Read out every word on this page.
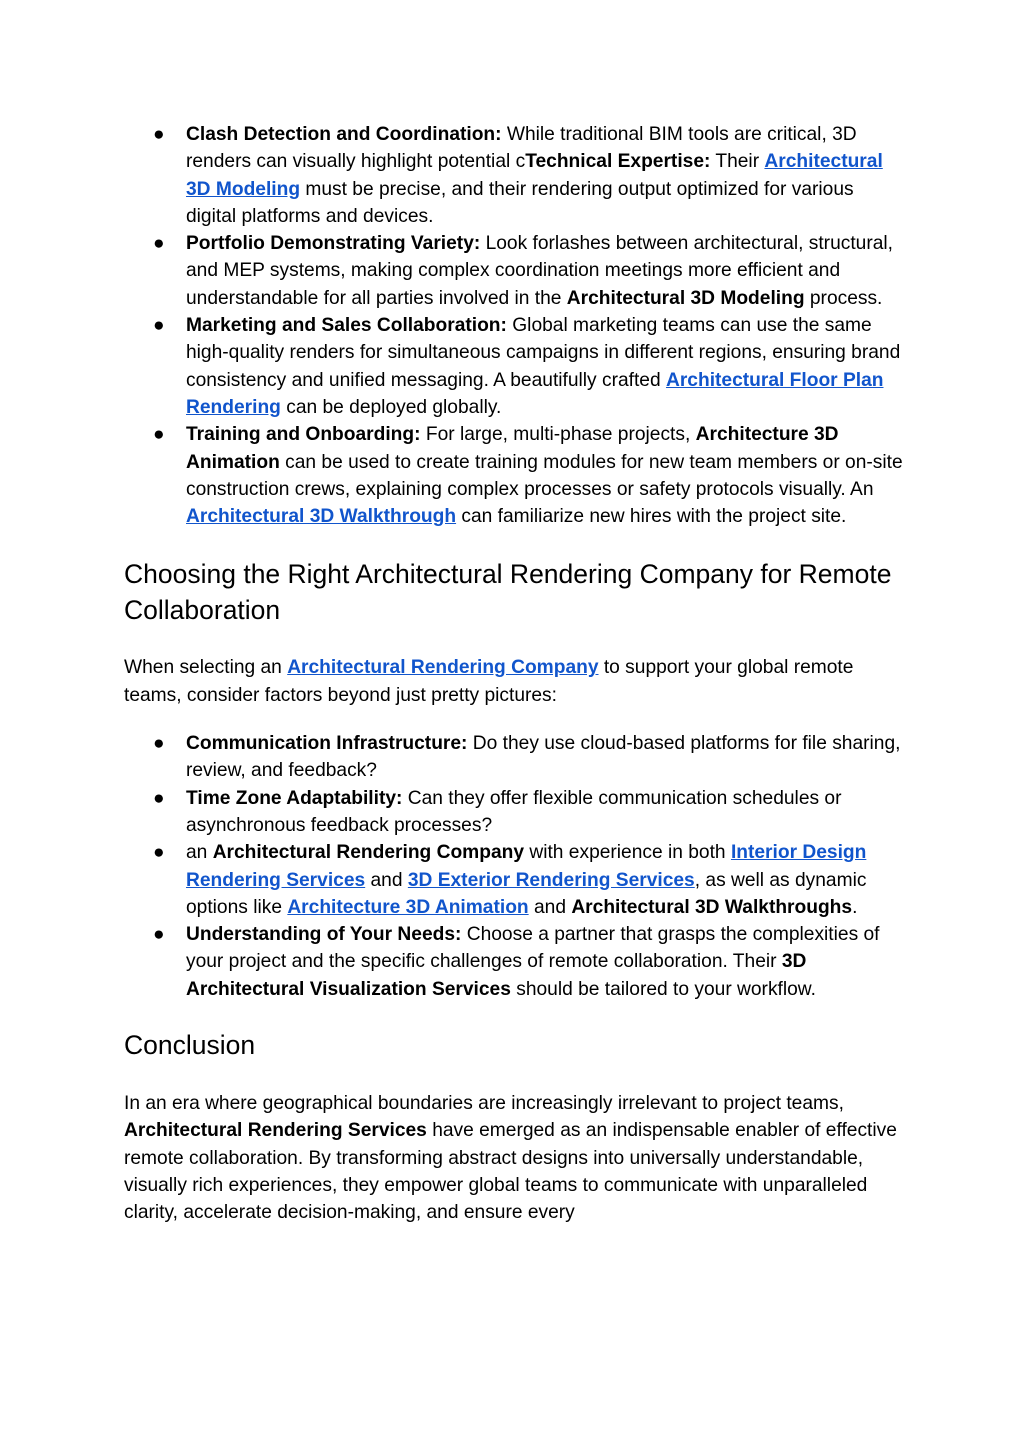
● Clash Detection and Coordination: While traditional BIM tools are critical, 3D renders can visually highlight potential cTechnical Expertise: Their Architectural 3D Modeling must be precise, and their rendering output optimized for various digital platforms and devices.
● Portfolio Demonstrating Variety: Look forlashes between architectural, structural, and MEP systems, making complex coordination meetings more efficient and understandable for all parties involved in the Architectural 3D Modeling process.
● Marketing and Sales Collaboration: Global marketing teams can use the same high-quality renders for simultaneous campaigns in different regions, ensuring brand consistency and unified messaging. A beautifully crafted Architectural Floor Plan Rendering can be deployed globally.
● Training and Onboarding: For large, multi-phase projects, Architecture 3D Animation can be used to create training modules for new team members or on-site construction crews, explaining complex processes or safety protocols visually. An Architectural 3D Walkthrough can familiarize new hires with the project site.
Choosing the Right Architectural Rendering Company for Remote Collaboration

When selecting an Architectural Rendering Company to support your global remote teams, consider factors beyond just pretty pictures:

● Communication Infrastructure: Do they use cloud-based platforms for file sharing, review, and feedback?
● Time Zone Adaptability: Can they offer flexible communication schedules or asynchronous feedback processes?
● an Architectural Rendering Company with experience in both Interior Design Rendering Services and 3D Exterior Rendering Services, as well as dynamic options like Architecture 3D Animation and Architectural 3D Walkthroughs.
● Understanding of Your Needs: Choose a partner that grasps the complexities of your project and the specific challenges of remote collaboration. Their 3D Architectural Visualization Services should be tailored to your workflow.
Conclusion

In an era where geographical boundaries are increasingly irrelevant to project teams, Architectural Rendering Services have emerged as an indispensable enabler of effective remote collaboration. By transforming abstract designs into universally understandable, visually rich experiences, they empower global teams to communicate with unparalleled clarity, accelerate decision-making, and ensure every
